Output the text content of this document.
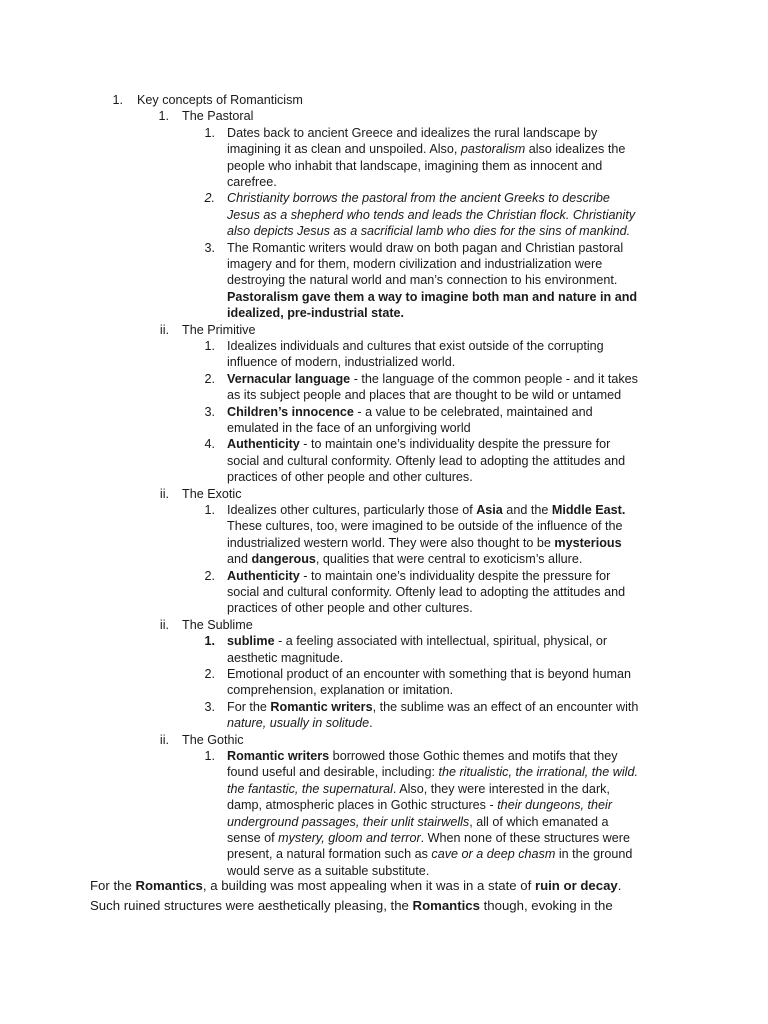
1. Key concepts of Romanticism
1. The Pastoral
1. Dates back to ancient Greece and idealizes the rural landscape by
imagining it as clean and unspoiled. Also, pastoralism also idealizes the
people who inhabit that landscape, imagining them as innocent and
carefree.
2. Christianity borrows the pastoral from the ancient Greeks to describe
Jesus as a shepherd who tends and leads the Christian flock. Christianity
also depicts Jesus as a sacrificial lamb who dies for the sins of mankind.
3. The Romantic writers would draw on both pagan and Christian pastoral
imagery and for them, modern civilization and industrialization were
destroying the natural world and man’s connection to his environment.
Pastoralism gave them a way to imagine both man and nature in and
idealized, pre-industrial state.
ii. The Primitive
1. Idealizes individuals and cultures that exist outside of the corrupting
influence of modern, industrialized world.
2. Vernacular language - the language of the common people - and it takes
as its subject people and places that are thought to be wild or untamed
3. Children’s innocence - a value to be celebrated, maintained and
emulated in the face of an unforgiving world
4. Authenticity - to maintain one’s individuality despite the pressure for
social and cultural conformity. Oftenly lead to adopting the attitudes and
practices of other people and other cultures.
ii. The Exotic
1. Idealizes other cultures, particularly those of Asia and the Middle East.
These cultures, too, were imagined to be outside of the influence of the
industrialized western world. They were also thought to be mysterious
and dangerous, qualities that were central to exoticism’s allure.
2. Authenticity - to maintain one’s individuality despite the pressure for
social and cultural conformity. Oftenly lead to adopting the attitudes and
practices of other people and other cultures.
ii. The Sublime
1. sublime - a feeling associated with intellectual, spiritual, physical, or
aesthetic magnitude.
2. Emotional product of an encounter with something that is beyond human
comprehension, explanation or imitation.
3. For the Romantic writers, the sublime was an effect of an encounter with
nature, usually in solitude.
ii. The Gothic
1. Romantic writers borrowed those Gothic themes and motifs that they
found useful and desirable, including: the ritualistic, the irrational, the wild.
the fantastic, the supernatural. Also, they were interested in the dark,
damp, atmospheric places in Gothic structures - their dungeons, their
underground passages, their unlit stairwells, all of which emanated a
sense of mystery, gloom and terror. When none of these structures were
present, a natural formation such as cave or a deep chasm in the ground
would serve as a suitable substitute.
For the Romantics, a building was most appealing when it was in a state of ruin or decay.
Such ruined structures were aesthetically pleasing, the Romantics though, evoking in the
